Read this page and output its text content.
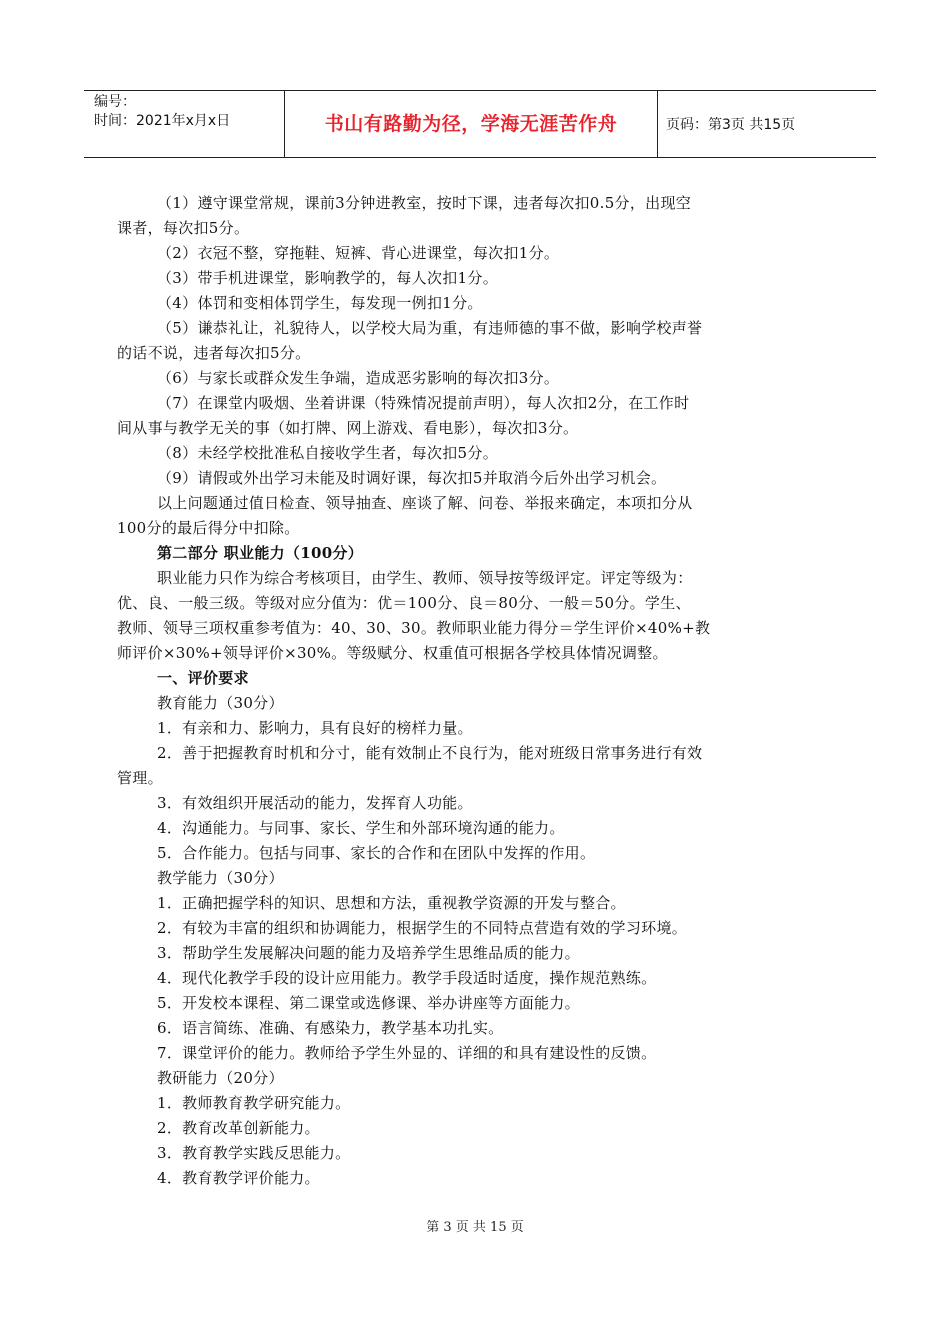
编号：
时间：2021年x月x日	书山有路勤为径，学海无涯苦作舟	页码：第3页 共15页
（1）遵守课堂常规，课前3分钟进教室，按时下课，违者每次扣0.5分，出现空
课者，每次扣5分。
（2）衣冠不整，穿拖鞋、短裤、背心进课堂，每次扣1分。
（3）带手机进课堂，影响教学的，每人次扣1分。
（4）体罚和变相体罚学生，每发现一例扣1分。
（5）谦恭礼让，礼貌待人，以学校大局为重，有违师德的事不做，影响学校声誉
的话不说，违者每次扣5分。
（6）与家长或群众发生争端，造成恶劣影响的每次扣3分。
（7）在课堂内吸烟、坐着讲课（特殊情况提前声明），每人次扣2分，在工作时
间从事与教学无关的事（如打牌、网上游戏、看电影），每次扣3分。
（8）未经学校批准私自接收学生者，每次扣5分。
（9）请假或外出学习未能及时调好课，每次扣5并取消今后外出学习机会。
以上问题通过值日检查、领导抽查、座谈了解、问卷、举报来确定，本项扣分从
100分的最后得分中扣除。
第二部分 职业能力（100分）
职业能力只作为综合考核项目，由学生、教师、领导按等级评定。评定等级为：
优、良、一般三级。等级对应分值为：优＝100分、良＝80分、一般＝50分。学生、
教师、领导三项权重参考值为：40、30、30。教师职业能力得分＝学生评价×40%+教
师评价×30%+领导评价×30%。等级赋分、权重值可根据各学校具体情况调整。
一、评价要求
教育能力（30分）
1．有亲和力、影响力，具有良好的榜样力量。
2．善于把握教育时机和分寸，能有效制止不良行为，能对班级日常事务进行有效
管理。
3．有效组织开展活动的能力，发挥育人功能。
4．沟通能力。与同事、家长、学生和外部环境沟通的能力。
5．合作能力。包括与同事、家长的合作和在团队中发挥的作用。
教学能力（30分）
1．正确把握学科的知识、思想和方法，重视教学资源的开发与整合。
2．有较为丰富的组织和协调能力，根据学生的不同特点营造有效的学习环境。
3．帮助学生发展解决问题的能力及培养学生思维品质的能力。
4．现代化教学手段的设计应用能力。教学手段适时适度，操作规范熟练。
5．开发校本课程、第二课堂或选修课、举办讲座等方面能力。
6．语言简练、准确、有感染力，教学基本功扎实。
7．课堂评价的能力。教师给予学生外显的、详细的和具有建设性的反馈。
教研能力（20分）
1．教师教育教学研究能力。
2．教育改革创新能力。
3．教育教学实践反思能力。
4．教育教学评价能力。
第 3 页 共 15 页
